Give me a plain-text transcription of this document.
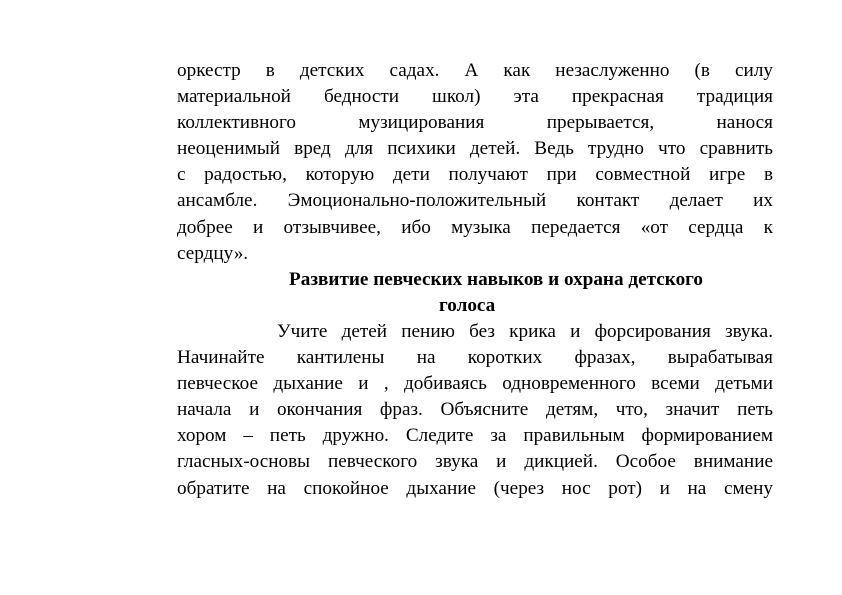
оркестр в детских садах. А как незаслуженно (в силу
материальной бедности школ) эта прекрасная традиция
коллективного музицирования прерывается, нанося
неоценимый вред для психики детей. Ведь трудно что сравнить
с радостью, которую дети получают при совместной игре в
ансамбле. Эмоционально-положительный контакт делает их
добрее и отзывчивее, ибо музыка передается «от сердца к
сердцу».
Развитие певческих навыков и охрана детского
голоса
Учите детей пению без крика и форсирования звука.
Начинайте кантилены на коротких фразах, вырабатывая
певческое дыхание и , добиваясь одновременного всеми детьми
начала и окончания фраз. Объясните детям, что, значит петь
хором – петь дружно. Следите за правильным формированием
гласных-основы певческого звука и дикцией. Особое внимание
обратите на спокойное дыхание (через нос рот) и на смену
